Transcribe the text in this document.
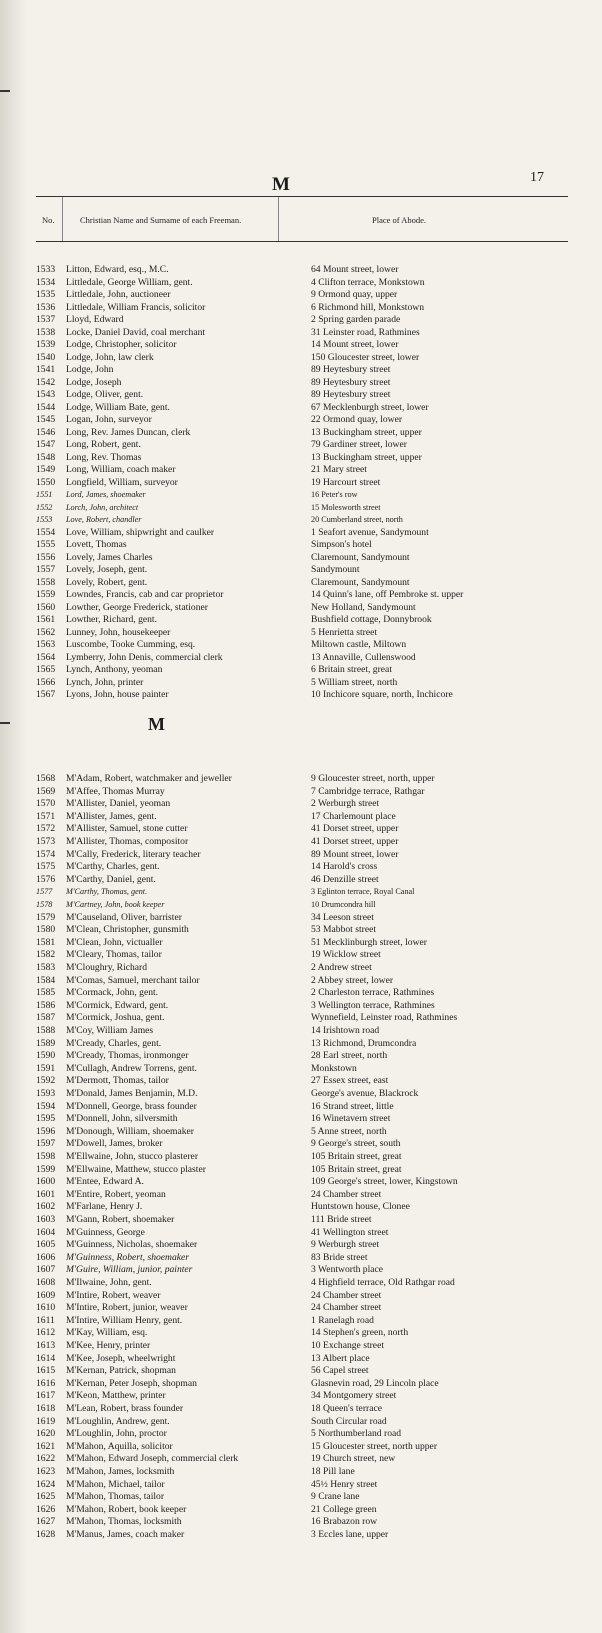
M	17
No.	Christian Name and Surname of each Freeman.	Place of Abode.
M
1533	Litton, Edward, esq., M.C.	64 Mount street, lower
1534	Littledale, George William, gent.	4 Clifton terrace, Monkstown
1535	Littledale, John, auctioneer	9 Ormond quay, upper
1536	Littledale, William Francis, solicitor	6 Richmond hill, Monkstown
1537	Lloyd, Edward	2 Spring garden parade
1538	Locke, Daniel David, coal merchant	31 Leinster road, Rathmines
1539	Lodge, Christopher, solicitor	14 Mount street, lower
1540	Lodge, John, law clerk	150 Gloucester street, lower
1541	Lodge, John	89 Heytesbury street
1542	Lodge, Joseph	89 Heytesbury street
1543	Lodge, Oliver, gent.	89 Heytesbury street
1544	Lodge, William Bate, gent.	67 Mecklenburgh street, lower
1545	Logan, John, surveyor	22 Ormond quay, lower
1546	Long, Rev. James Duncan, clerk	13 Buckingham street, upper
1547	Long, Robert, gent.	79 Gardiner street, lower
1548	Long, Rev. Thomas	13 Buckingham street, upper
1549	Long, William, coach maker	21 Mary street
1550	Longfield, William, surveyor	19 Harcourt street
1551	Lord, James, shoemaker	16 Peter's row
1552	Lorch, John, architect	15 Molesworth street
1553	Love, Robert, chandler	20 Cumberland street, north
1554	Love, William, shipwright and caulker	1 Seafort avenue, Sandymount
1555	Lovett, Thomas	Simpson's hotel
1556	Lovely, James Charles	Claremount, Sandymount
1557	Lovely, Joseph, gent.	Sandymount
1558	Lovely, Robert, gent.	Claremount, Sandymount
1559	Lowndes, Francis, cab and car proprietor	14 Quinn's lane, off Pembroke st. upper
1560	Lowther, George Frederick, stationer	New Holland, Sandymount
1561	Lowther, Richard, gent.	Bushfield cottage, Donnybrook
1562	Lunney, John, housekeeper	5 Henrietta street
1563	Luscombe, Tooke Cumming, esq.	Miltown castle, Miltown
1564	Lymberry, John Denis, commercial clerk	13 Annaville, Cullenswood
1565	Lynch, Anthony, yeoman	6 Britain street, great
1566	Lynch, John, printer	5 William street, north
1567	Lyons, John, house painter	10 Inchicore square, north, Inchicore
1568	M'Adam, Robert, watchmaker and jeweller	9 Gloucester street, north, upper
1569	M'Affee, Thomas Murray	7 Cambridge terrace, Rathgar
1570	M'Allister, Daniel, yeoman	2 Werburgh street
1571	M'Allister, James, gent.	17 Charlemount place
1572	M'Allister, Samuel, stone cutter	41 Dorset street, upper
1573	M'Allister, Thomas, compositor	41 Dorset street, upper
1574	M'Cally, Frederick, literary teacher	89 Mount street, lower
1575	M'Carthy, Charles, gent.	14 Harold's cross
1576	M'Carthy, Daniel, gent.	46 Denzille street
1577	M'Carthy, Thomas, gent.	3 Eglinton terrace, Royal Canal
1578	M'Cartney, John, book keeper	10 Drumcondra hill
1579	M'Causeland, Oliver, barrister	34 Leeson street
1580	M'Clean, Christopher, gunsmith	53 Mabbot street
1581	M'Clean, John, victualler	51 Mecklinburgh street, lower
1582	M'Cleary, Thomas, tailor	19 Wicklow street
1583	M'Cloughry, Richard	2 Andrew street
1584	M'Comas, Samuel, merchant tailor	2 Abbey street, lower
1585	M'Cormack, John, gent.	2 Charleston terrace, Rathmines
1586	M'Cormick, Edward, gent.	3 Wellington terrace, Rathmines
1587	M'Cormick, Joshua, gent.	Wynnefield, Leinster road, Rathmines
1588	M'Coy, William James	14 Irishtown road
1589	M'Cready, Charles, gent.	13 Richmond, Drumcondra
1590	M'Cready, Thomas, ironmonger	28 Earl street, north
1591	M'Cullagh, Andrew Torrens, gent.	Monkstown
1592	M'Dermott, Thomas, tailor	27 Essex street, east
1593	M'Donald, James Benjamin, M.D.	George's avenue, Blackrock
1594	M'Donnell, George, brass founder	16 Strand street, little
1595	M'Donnell, John, silversmith	16 Winetavern street
1596	M'Donough, William, shoemaker	5 Anne street, north
1597	M'Dowell, James, broker	9 George's street, south
1598	M'Ellwaine, John, stucco plasterer	105 Britain street, great
1599	M'Ellwaine, Matthew, stucco plaster	105 Britain street, great
1600	M'Entee, Edward A.	109 George's street, lower, Kingstown
1601	M'Entire, Robert, yeoman	24 Chamber street
1602	M'Farlane, Henry J.	Huntstown house, Clonee
1603	M'Gann, Robert, shoemaker	111 Bride street
1604	M'Guinness, George	41 Wellington street
1605	M'Guinness, Nicholas, shoemaker	9 Werburgh street
1606	M'Guinness, Robert, shoemaker	83 Bride street
1607	M'Guire, William, junior, painter	3 Wentworth place
1608	M'Ilwaine, John, gent.	4 Highfield terrace, Old Rathgar road
1609	M'Intire, Robert, weaver	24 Chamber street
1610	M'Intire, Robert, junior, weaver	24 Chamber street
1611	M'Intire, William Henry, gent.	1 Ranelagh road
1612	M'Kay, William, esq.	14 Stephen's green, north
1613	M'Kee, Henry, printer	10 Exchange street
1614	M'Kee, Joseph, wheelwright	13 Albert place
1615	M'Kernan, Patrick, shopman	56 Capel street
1616	M'Kernan, Peter Joseph, shopman	Glasnevin road, 29 Lincoln place
1617	M'Keon, Matthew, printer	34 Montgomery street
1618	M'Lean, Robert, brass founder	18 Queen's terrace
1619	M'Loughlin, Andrew, gent.	South Circular road
1620	M'Loughlin, John, proctor	5 Northumberland road
1621	M'Mahon, Aquilla, solicitor	15 Gloucester street, north upper
1622	M'Mahon, Edward Joseph, commercial clerk	19 Church street, new
1623	M'Mahon, James, locksmith	18 Pill lane
1624	M'Mahon, Michael, tailor	45½ Henry street
1625	M'Mahon, Thomas, tailor	9 Crane lane
1626	M'Mahon, Robert, book keeper	21 College green
1627	M'Mahon, Thomas, locksmith	16 Brabazon row
1628	M'Manus, James, coach maker	3 Eccles lane, upper
